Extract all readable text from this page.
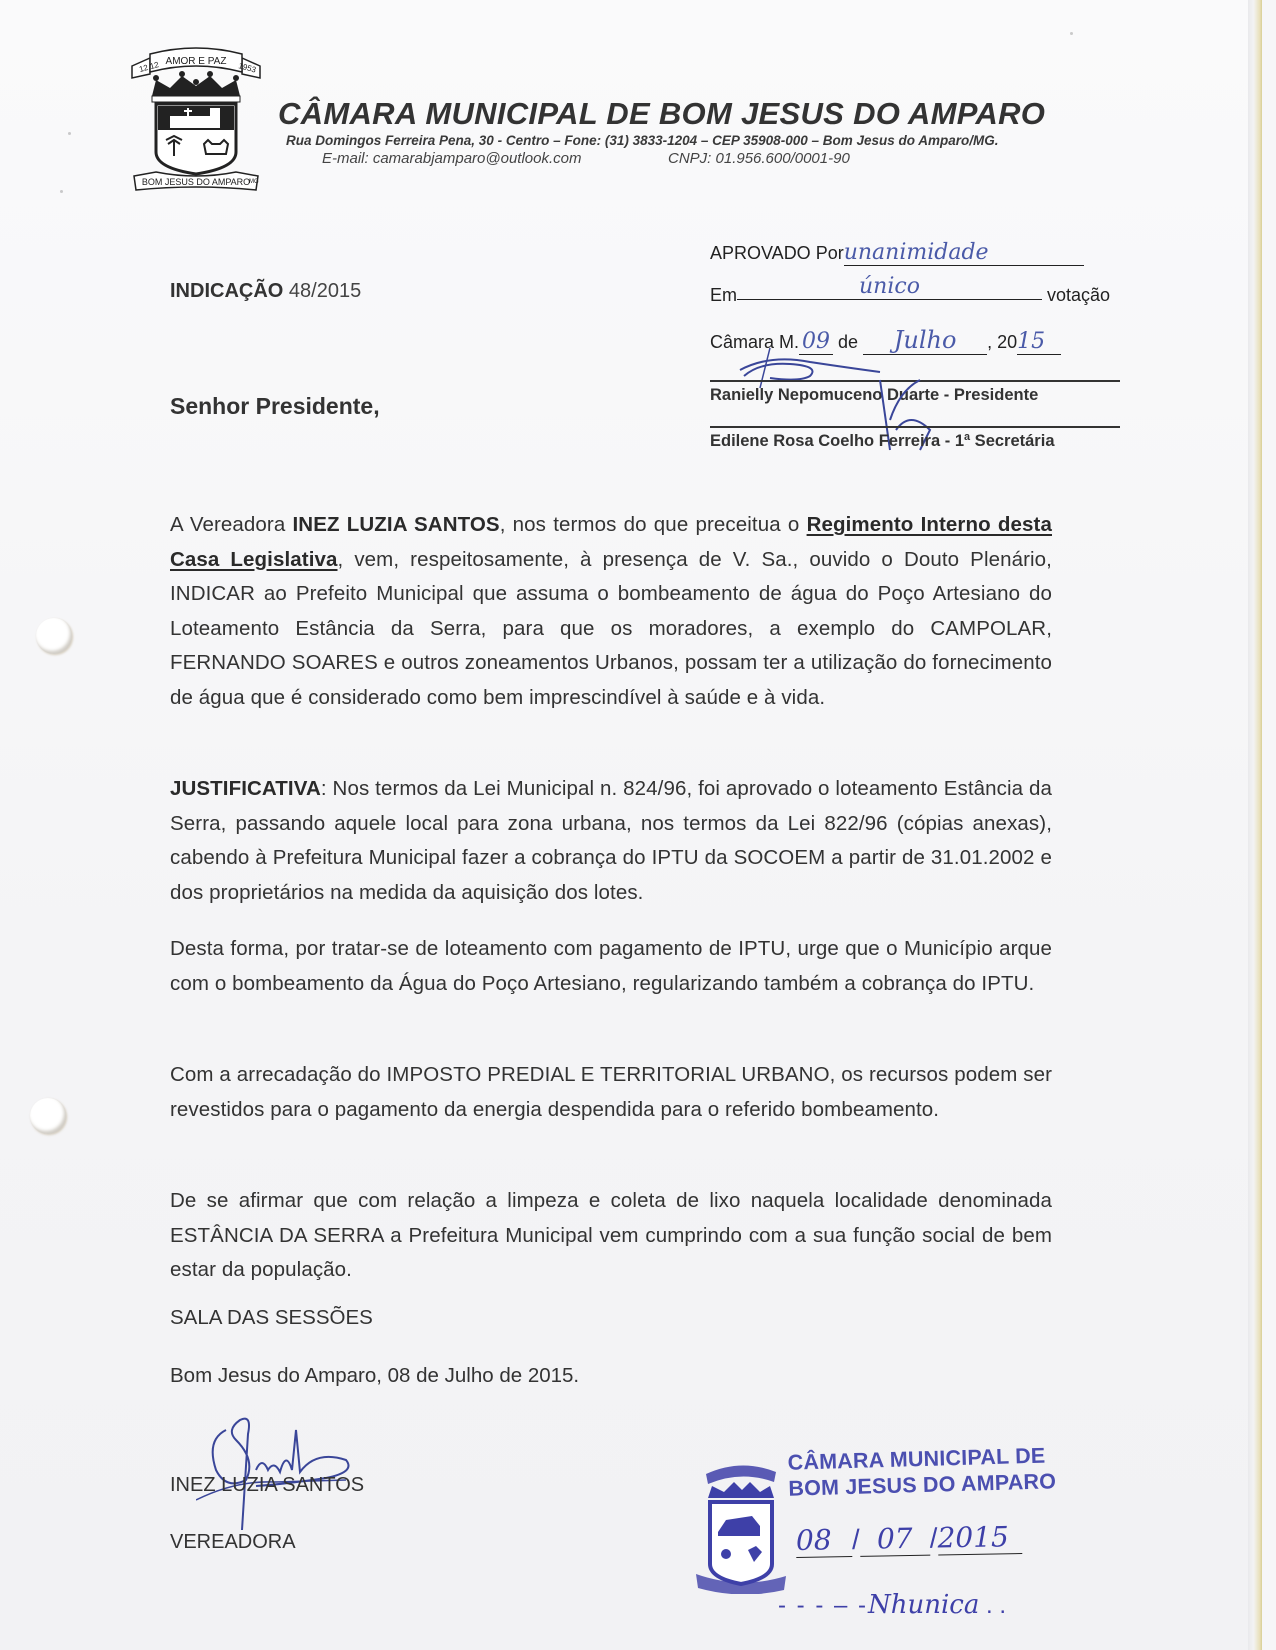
AMOR E PAZ
12.12	1953
BOM JESUS DO AMPARO
MG
CÂMARA MUNICIPAL DE BOM JESUS DO AMPARO
Rua Domingos Ferreira Pena, 30 - Centro – Fone: (31) 3833-1204 – CEP 35908-000 – Bom Jesus do Amparo/MG.
E-mail: camarabjamparo@outlook.com	CNPJ: 01.956.600/0001-90
APROVADO Porunanimidade
Em	único	votação
Câmara M. 09 de Julho , 2015
Ranielly Nepomuceno Duarte - Presidente
Edilene Rosa Coelho Ferreira - 1ª Secretária
INDICAÇÃO 48/2015
Senhor Presidente,
A Vereadora INEZ LUZIA SANTOS, nos termos do que preceitua o Regimento Interno desta Casa Legislativa, vem, respeitosamente, à presença de V. Sa., ouvido o Douto Plenário, INDICAR ao Prefeito Municipal que assuma o bombeamento de água do Poço Artesiano do Loteamento Estância da Serra, para que os moradores, a exemplo do CAMPOLAR, FERNANDO SOARES e outros zoneamentos Urbanos, possam ter a utilização do fornecimento de água que é considerado como bem imprescindível à saúde e à vida.
JUSTIFICATIVA: Nos termos da Lei Municipal n. 824/96, foi aprovado o loteamento Estância da Serra, passando aquele local para zona urbana, nos termos da Lei 822/96 (cópias anexas), cabendo à Prefeitura Municipal fazer a cobrança do IPTU da SOCOEM a partir de 31.01.2002 e dos proprietários na medida da aquisição dos lotes.
Desta forma, por tratar-se de loteamento com pagamento de IPTU, urge que o Município arque com o bombeamento da Água do Poço Artesiano, regularizando também a cobrança do IPTU.
Com a arrecadação do IMPOSTO PREDIAL E TERRITORIAL URBANO, os recursos podem ser revestidos para o pagamento da energia despendida para o referido bombeamento.
De se afirmar que com relação a limpeza e coleta de lixo naquela localidade denominada ESTÂNCIA DA SERRA a Prefeitura Municipal vem cumprindo com a sua função social de bem estar da população.
SALA DAS SESSÕES
Bom Jesus do Amparo, 08 de Julho de 2015.
INEZ LUZIA SANTOS
VEREADORA
CÂMARA MUNICIPAL DE
BOM JESUS DO AMPARO
08 / 07 /2015
- - - ‒ -Nhunica . .
